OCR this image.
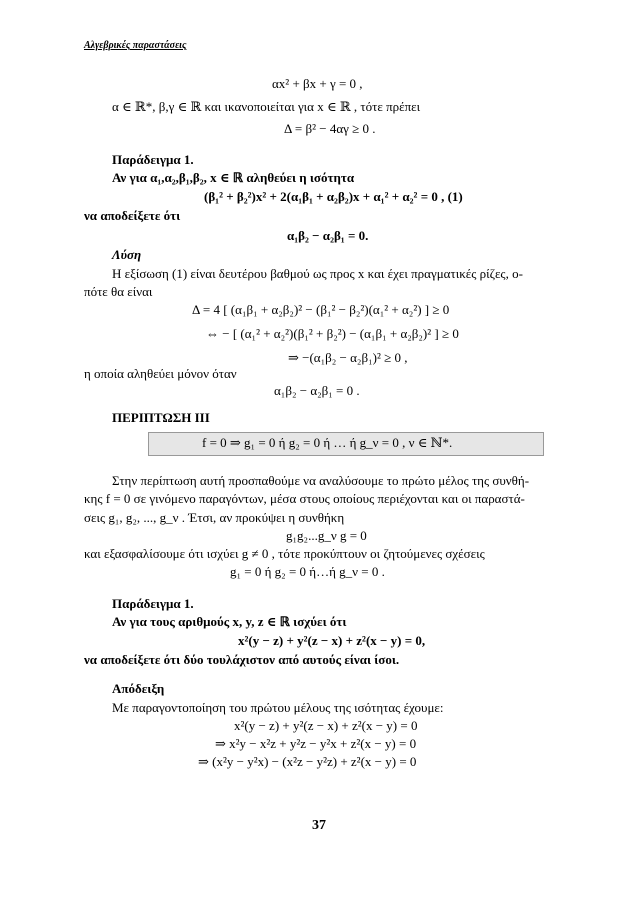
Αλγεβρικές παραστάσεις
αx² + βx + γ = 0 ,
α ∈ ℝ*, β,γ ∈ ℝ και ικανοποιείται για x ∈ ℝ , τότε πρέπει
Δ = β² − 4αγ ≥ 0 .
Παράδειγμα 1.
Αν για α₁,α₂,β₁,β₂, x ∈ ℝ αληθεύει η ισότητα
(β₁² + β₂²)x² + 2(α₁β₁ + α₂β₂)x + α₁² + α₂² = 0 , (1)
να αποδείξετε ότι
α₁β₂ − α₂β₁ = 0.
Λύση
Η εξίσωση (1) είναι δευτέρου βαθμού ως προς x και έχει πραγματικές ρίζες, ο-
πότε θα είναι
Δ = 4 [ (α₁β₁ + α₂β₂)² − (β₁² − β₂²)(α₁² + α₂²) ] ≥ 0
⇔ − [ (α₁² + α₂²)(β₁² + β₂²) − (α₁β₁ + α₂β₂)² ] ≥ 0
⇒ −(α₁β₂ − α₂β₁)² ≥ 0 ,
η οποία αληθεύει μόνον όταν
α₁β₂ − α₂β₁ = 0 .
ΠΕΡΙΠΤΩΣΗ ΙΙΙ
f = 0 ⇒ g₁ = 0 ή g₂ = 0 ή … ή g_ν = 0 , ν ∈ ℕ*.
Στην περίπτωση αυτή προσπαθούμε να αναλύσουμε το πρώτο μέλος της συνθή-
κης f = 0 σε γινόμενο παραγόντων, μέσα στους οποίους περιέχονται και οι παραστά-
σεις g₁, g₂, ..., g_ν . Έτσι, αν προκύψει η συνθήκη
g₁g₂...g_ν g = 0
και εξασφαλίσουμε ότι ισχύει g ≠ 0 , τότε προκύπτουν οι ζητούμενες σχέσεις
g₁ = 0 ή g₂ = 0 ή…ή g_ν = 0 .
Παράδειγμα 1.
Αν για τους αριθμούς x, y, z ∈ ℝ ισχύει ότι
x²(y − z) + y²(z − x) + z²(x − y) = 0,
να αποδείξετε ότι δύο τουλάχιστον από αυτούς είναι ίσοι.
Απόδειξη
Με παραγοντοποίηση του πρώτου μέλους της ισότητας έχουμε:
x²(y − z) + y²(z − x) + z²(x − y) = 0
⇒ x²y − x²z + y²z − y²x + z²(x − y) = 0
⇒ (x²y − y²x) − (x²z − y²z) + z²(x − y) = 0
37
